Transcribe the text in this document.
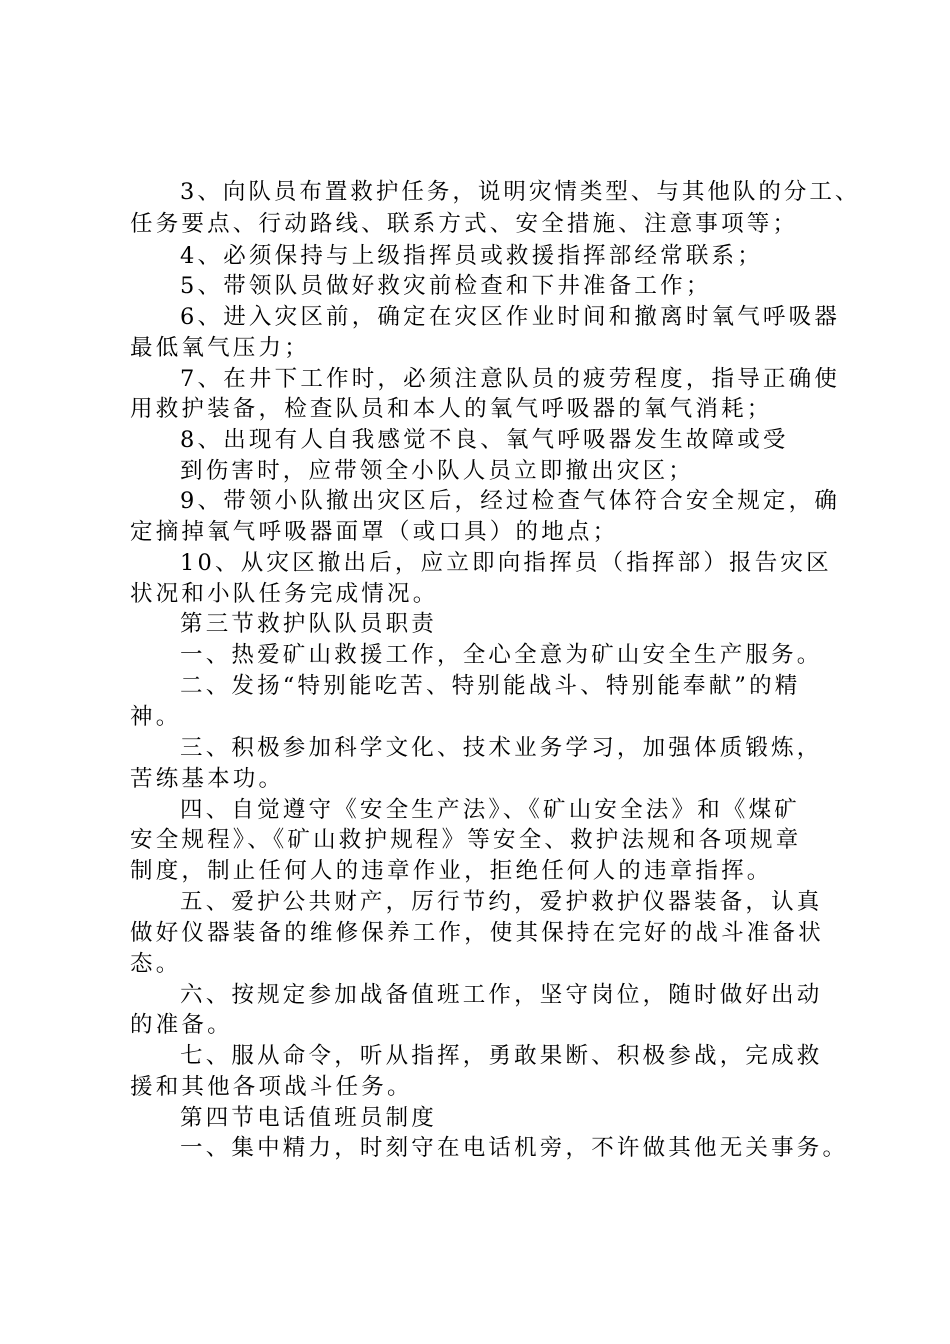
3、向队员布置救护任务，说明灾情类型、与其他队的分工、
任务要点、行动路线、联系方式、安全措施、注意事项等；
4、必须保持与上级指挥员或救援指挥部经常联系；
5、带领队员做好救灾前检查和下井准备工作；
6、进入灾区前，确定在灾区作业时间和撤离时氧气呼吸器
最低氧气压力；
7、在井下工作时，必须注意队员的疲劳程度，指导正确使
用救护装备，检查队员和本人的氧气呼吸器的氧气消耗；
8、出现有人自我感觉不良、氧气呼吸器发生故障或受
到伤害时，应带领全小队人员立即撤出灾区；
9、带领小队撤出灾区后，经过检查气体符合安全规定，确
定摘掉氧气呼吸器面罩（或口具）的地点；
10、从灾区撤出后，应立即向指挥员（指挥部）报告灾区
状况和小队任务完成情况。
第三节救护队队员职责
一、热爱矿山救援工作，全心全意为矿山安全生产服务。
二、发扬“特别能吃苦、特别能战斗、特别能奉献”的精
神。
三、积极参加科学文化、技术业务学习，加强体质锻炼，
苦练基本功。
四、自觉遵守《安全生产法》、《矿山安全法》和《煤矿
安全规程》、《矿山救护规程》等安全、救护法规和各项规章
制度，制止任何人的违章作业，拒绝任何人的违章指挥。
五、爱护公共财产，厉行节约，爱护救护仪器装备，认真
做好仪器装备的维修保养工作，使其保持在完好的战斗准备状
态。
六、按规定参加战备值班工作，坚守岗位，随时做好出动
的准备。
七、服从命令，听从指挥，勇敢果断、积极参战，完成救
援和其他各项战斗任务。
第四节电话值班员制度
一、集中精力，时刻守在电话机旁，不许做其他无关事务。
